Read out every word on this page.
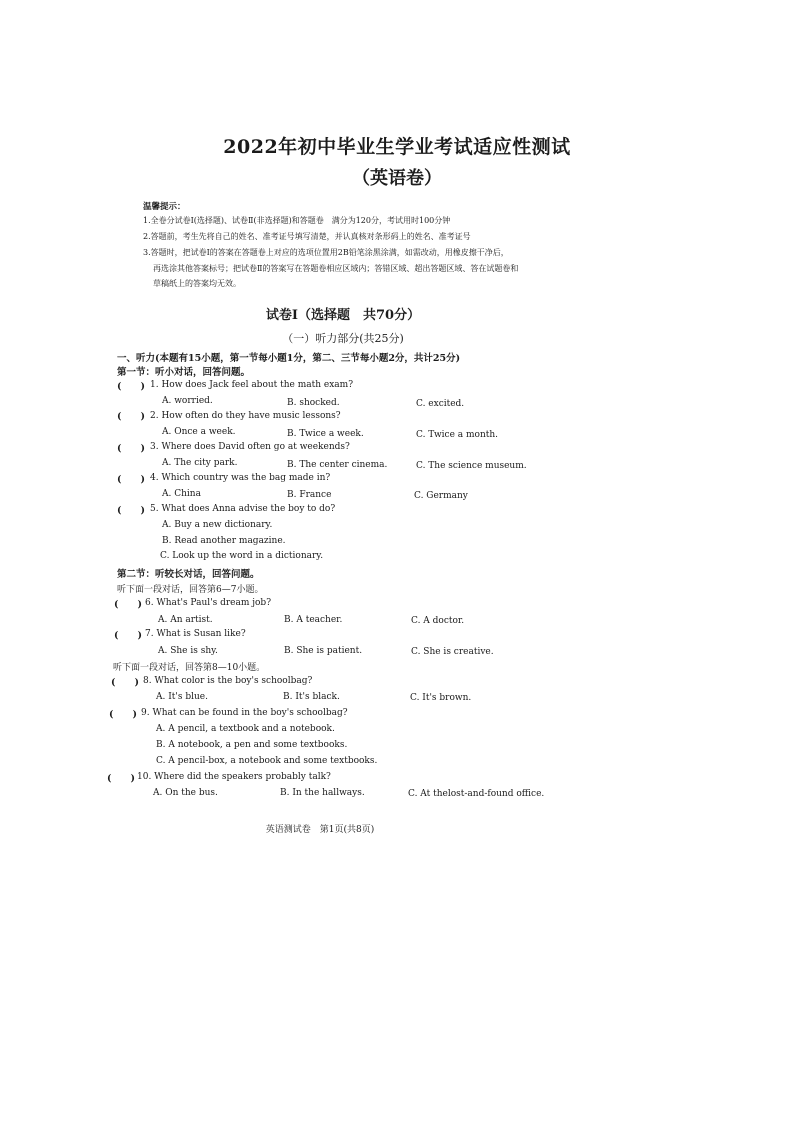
2022年初中毕业生学业考试适应性测试
（英语卷）
温馨提示：
1.全卷分试卷Ⅰ(选择题)、试卷Ⅱ(非选择题)和答题卷　满分为120分，考试用时100分钟
2.答题前，考生先将自己的姓名、准考证号填写清楚，并认真核对条形码上的姓名、准考证号
3.答题时，把试卷Ⅰ的答案在答题卷上对应的选项位置用2B铅笔涂黑涂满，如需改动，用橡皮擦干净后，
再选涂其他答案标号；把试卷Ⅱ的答案写在答题卷相应区域内；答错区域、超出答题区域、答在试题卷和
草稿纸上的答案均无效。
试卷Ⅰ（选择题　共70分）
（一）听力部分(共25分)
一、听力(本题有15小题，第一节每小题1分，第二、三节每小题2分，共计25分)
第一节：听小对话，回答问题。
(　　) 1. How does Jack feel about the math exam?
A. worried.	B. shocked.	C. excited.
(　　) 2. How often do they have music lessons?
A. Once a week.	B. Twice a week.	C. Twice a month.
(　　) 3. Where does David often go at weekends?
A. The city park.	B. The center cinema.	C. The science museum.
(　　) 4. Which country was the bag made in?
A. China	B. France	C. Germany
(　　) 5. What does Anna advise the boy to do?
A. Buy a new dictionary.
B. Read another magazine.
C. Look up the word in a dictionary.
第二节：听较长对话，回答问题。
听下面一段对话，回答第6—7小题。
(　　) 6. What's Paul's dream job?
A. An artist.	B. A teacher.	C. A doctor.
(　　) 7. What is Susan like?
A. She is shy.	B. She is patient.	C. She is creative.
听下面一段对话，回答第8—10小题。
(　　) 8. What color is the boy's schoolbag?
A. It's blue.	B. It's black.	C. It's brown.
(　　) 9. What can be found in the boy's schoolbag?
A. A pencil, a textbook and a notebook.
B. A notebook, a pen and some textbooks.
C. A pencil-box, a notebook and some textbooks.
(　　) 10. Where did the speakers probably talk?
A. On the bus.	B. In the hallways.	C. At thelost-and-found office.
英语测试卷　第1页(共8页)
